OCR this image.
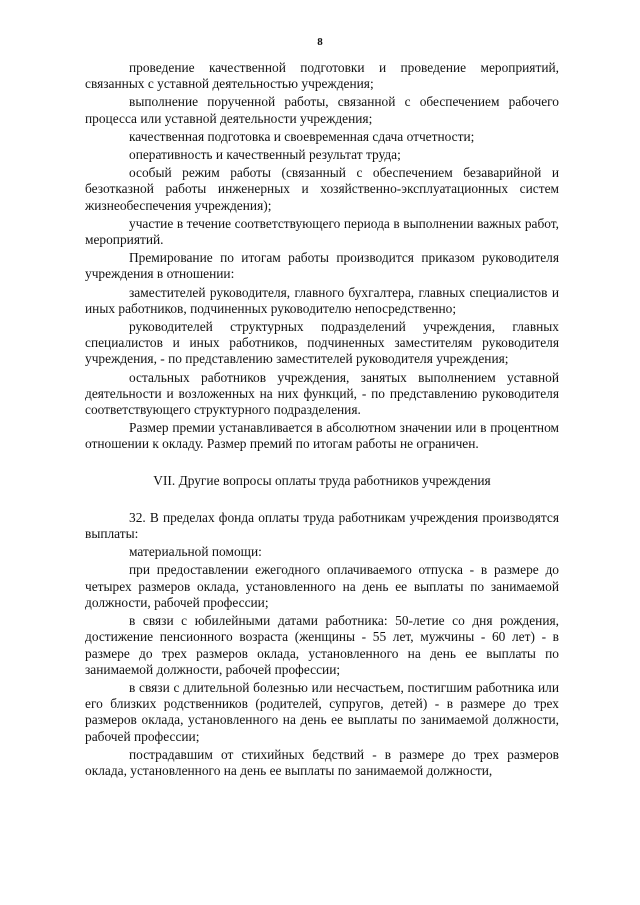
8

проведение качественной подготовки и проведение мероприятий, связанных с уставной деятельностью учреждения;

выполнение порученной работы, связанной с обеспечением рабочего процесса или уставной деятельности учреждения;

качественная подготовка и своевременная сдача отчетности;

оперативность и качественный результат труда;

особый режим работы (связанный с обеспечением безаварийной и безотказной работы инженерных и хозяйственно-эксплуатационных систем жизнеобеспечения учреждения);

участие в течение соответствующего периода в выполнении важных работ, мероприятий.

Премирование по итогам работы производится приказом руководителя учреждения в отношении:

заместителей руководителя, главного бухгалтера, главных специалистов и иных работников, подчиненных руководителю непосредственно;

руководителей структурных подразделений учреждения, главных специалистов и иных работников, подчиненных заместителям руководителя учреждения, - по представлению заместителей руководителя учреждения;

остальных работников учреждения, занятых выполнением уставной деятельности и возложенных на них функций, - по представлению руководителя соответствующего структурного подразделения.

Размер премии устанавливается в абсолютном значении или в процентном отношении к окладу. Размер премий по итогам работы не ограничен.

VII. Другие вопросы оплаты труда работников учреждения

32. В пределах фонда оплаты труда работникам учреждения производятся выплаты:

материальной помощи:

при предоставлении ежегодного оплачиваемого отпуска - в размере до четырех размеров оклада, установленного на день ее выплаты по занимаемой должности, рабочей профессии;

в связи с юбилейными датами работника: 50-летие со дня рождения, достижение пенсионного возраста (женщины - 55 лет, мужчины - 60 лет) - в размере до трех размеров оклада, установленного на день ее выплаты по занимаемой должности, рабочей профессии;

в связи с длительной болезнью или несчастьем, постигшим работника или его близких родственников (родителей, супругов, детей) - в размере до трех размеров оклада, установленного на день ее выплаты по занимаемой должности, рабочей профессии;

пострадавшим от стихийных бедствий - в размере до трех размеров оклада, установленного на день ее выплаты по занимаемой должности,
